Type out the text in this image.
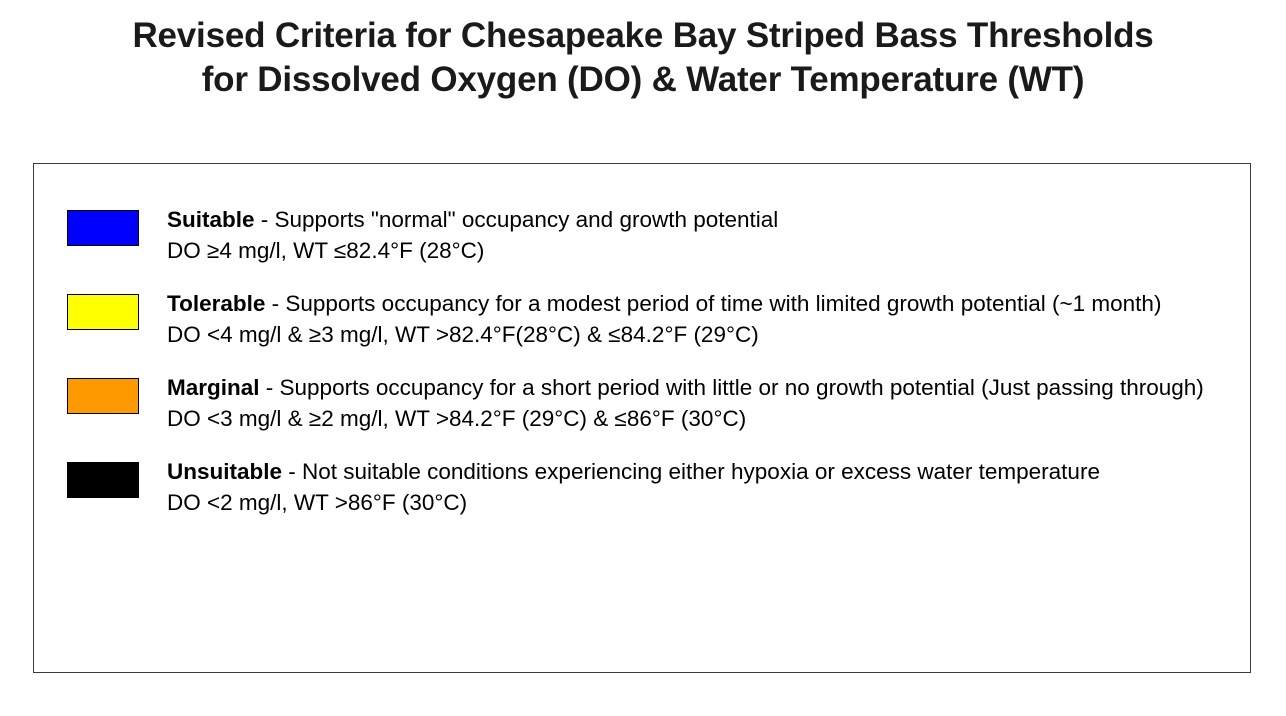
Revised Criteria for Chesapeake Bay Striped Bass Thresholds
for Dissolved Oxygen (DO) & Water Temperature (WT)
Suitable - Supports "normal" occupancy and growth potential
DO ≥4 mg/l, WT ≤82.4°F (28°C)
Tolerable - Supports occupancy for a modest period of time with limited growth potential (~1 month)
DO <4 mg/l & ≥3 mg/l, WT >82.4°F(28°C) & ≤84.2°F (29°C)
Marginal - Supports occupancy for a short period with little or no growth potential (Just passing through)
DO <3 mg/l & ≥2 mg/l, WT >84.2°F (29°C) & ≤86°F (30°C)
Unsuitable - Not suitable conditions experiencing either hypoxia or excess water temperature
DO <2 mg/l, WT >86°F (30°C)
